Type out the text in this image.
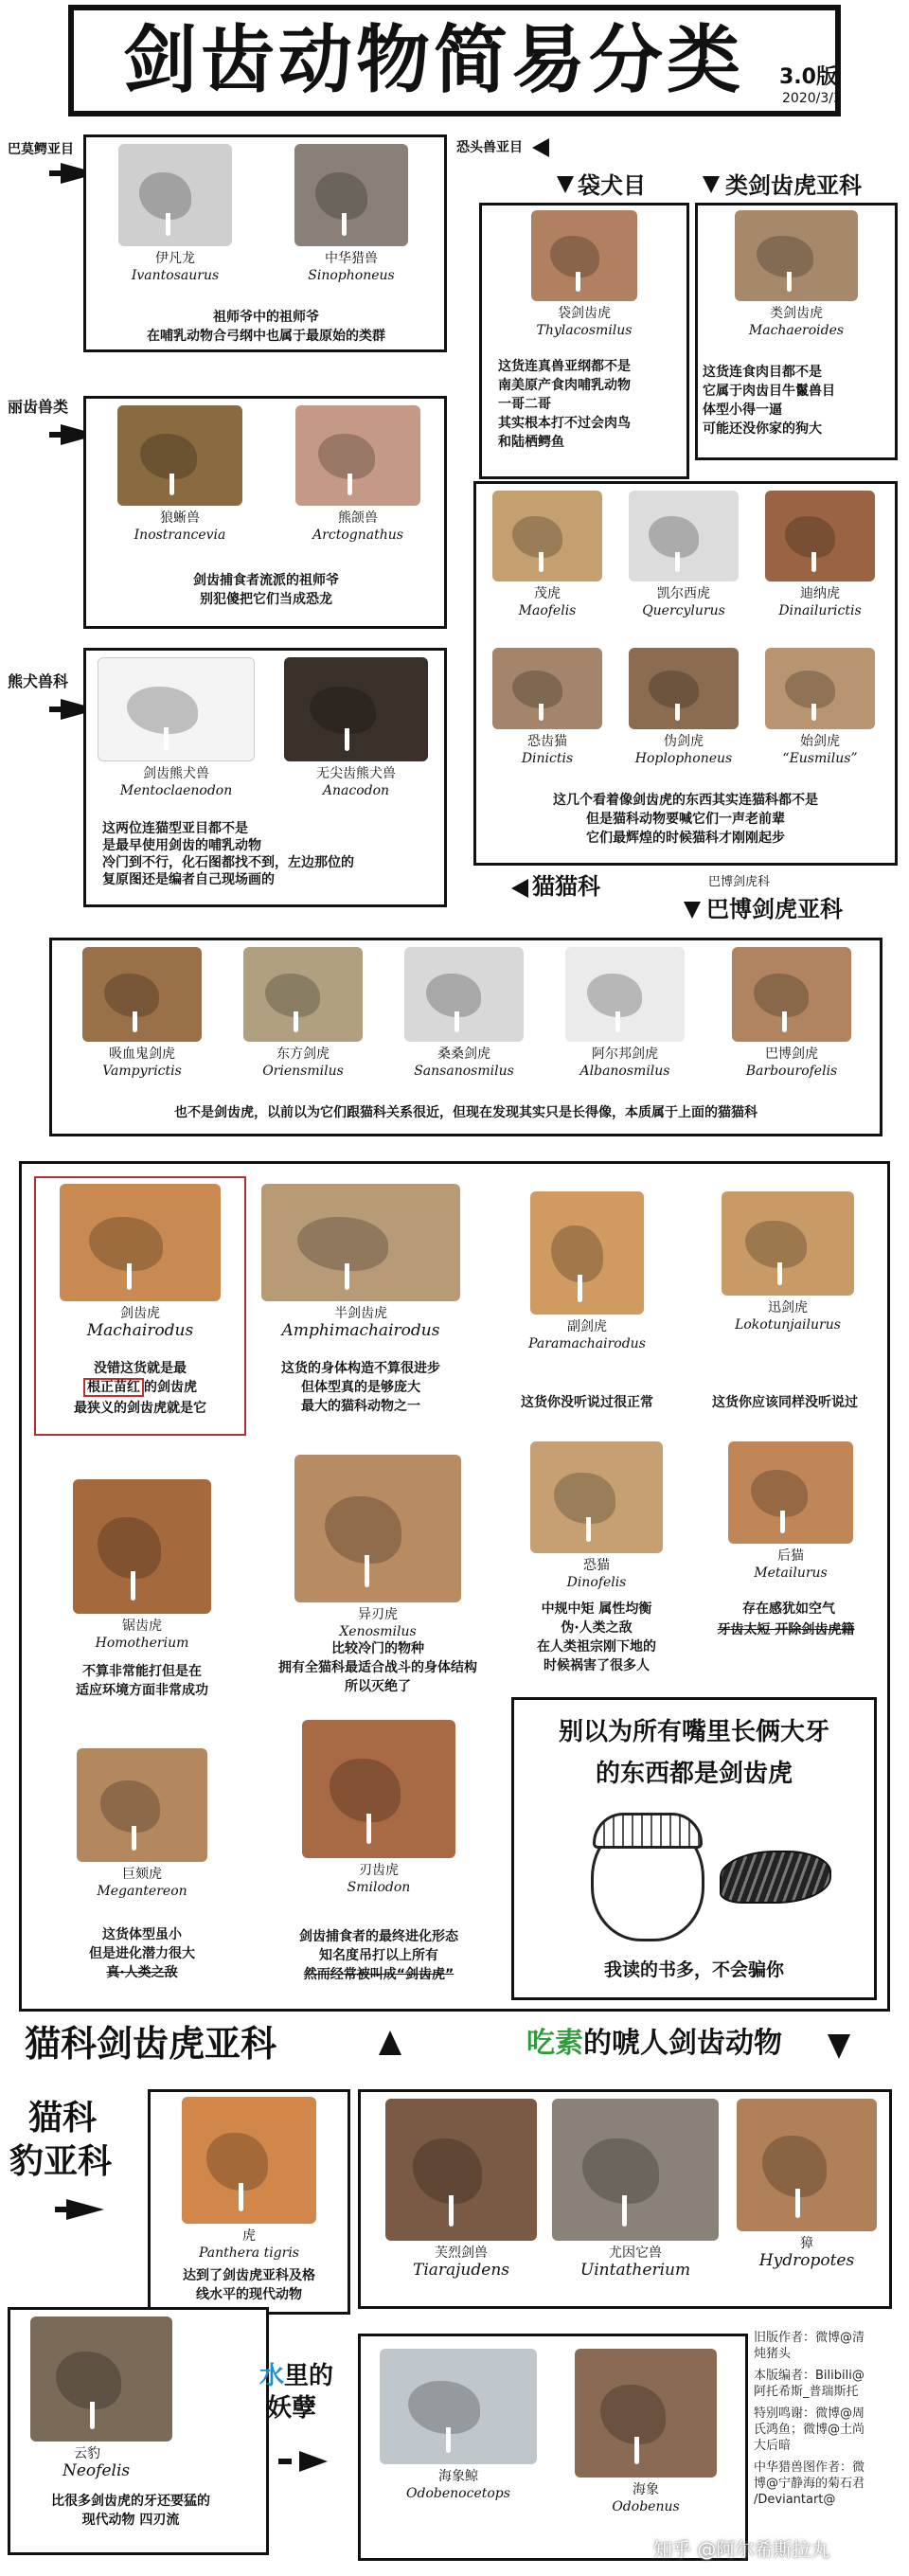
剑齿动物简易分类 3.0版
2020/3/3
巴莫鳄亚目	恐头兽亚目
伊凡龙
Ivantosaurus
中华猎兽
Sinophoneus
祖师爷中的祖师爷
在哺乳动物合弓纲中也属于最原始的类群
袋犬目
袋剑齿虎
Thylacosmilus
这货连真兽亚纲都不是
南美原产食肉哺乳动物
一哥二哥
其实根本打不过会肉鸟
和陆栖鳄鱼
类剑齿虎亚科
类剑齿虎
Machaeroides
这货连食肉目都不是
它属于肉齿目牛鬣兽目
体型小得一逼
可能还没你家的狗大
丽齿兽类
狼蜥兽
Inostrancevia
熊颌兽
Arctognathus
剑齿捕食者流派的祖师爷
别犯傻把它们当成恐龙	茂虎
Maofelis
凯尔西虎
Quercylurus
迪纳虎
Dinailurictis
恐齿猫
Dinictis
伪剑虎
Hoplophoneus
始剑虎
“Eusmilus”
这几个看着像剑齿虎的东西其实连猫科都不是
但是猫科动物要喊它们一声老前辈
它们最辉煌的时候猫科才刚刚起步
熊犬兽科
剑齿熊犬兽
Mentoclaenodon
无尖齿熊犬兽
Anacodon
这两位连猫型亚目都不是
是最早使用剑齿的哺乳动物
冷门到不行，化石图都找不到，左边那位的
复原图还是编者自己现场画的	猫猫科	巴博剑虎科
巴博剑虎亚科
吸血鬼剑虎
Vampyrictis
东方剑虎
Oriensmilus
桑桑剑虎
Sansanosmilus
阿尔邦剑虎
Albanosmilus
巴博剑虎
Barbourofelis
也不是剑齿虎，以前以为它们跟猫科关系很近，但现在发现其实只是长得像，本质属于上面的猫猫科
剑齿虎
Machairodus
没错这货就是最
根正苗红 的剑齿虎
最狭义的剑齿虎就是它
半剑齿虎
Amphimachairodus
这货的身体构造不算很进步
但体型真的是够庞大
最大的猫科动物之一
副剑虎
Paramachairodus
这货你没听说过很正常
迅剑虎
Lokotunjailurus
这货你应该同样没听说过
锯齿虎
Homotherium
不算非常能打但是在
适应环境方面非常成功
异刃虎
Xenosmilus
比较冷门的物种
拥有全猫科最适合战斗的身体结构
所以灭绝了
恐猫
Dinofelis
中规中矩 属性均衡
伪·人类之敌
在人类祖宗刚下地的
时候祸害了很多人
后猫
Metailurus
存在感犹如空气
牙齿太短 开除剑齿虎籍
巨颏虎
Megantereon
这货体型虽小
但是进化潜力很大
真·人类之敌
刃齿虎
Smilodon
剑齿捕食者的最终进化形态
知名度吊打以上所有
然而经常被叫成“剑齿虎”
别以为所有嘴里长俩大牙
的东西都是剑齿虎
我读的书多，不会骗你
猫科剑齿虎亚科	吃素的唬人剑齿动物
猫科
豹亚科
虎
Panthera tigris
达到了剑齿虎亚科及格
线水平的现代动物
云豹
Neofelis
比很多剑齿虎的牙还要猛的
现代动物 四刃流
芙烈剑兽
Tiarajudens
尤因它兽
Uintatherium
獐
Hydropotes
水里的
妖孽
海象鲸
Odobenocetops	海象
Odobenus
旧版作者：微博@清
炖猪头
本版编者：Bilibili@
阿托希斯_普瑞斯托
特别鸣谢：微博@周
氏鸿鱼；微博@土尚
大后暗
中华猎兽图作者：微
博@宁静海的菊石君
/Deviantart@
知乎 @阿尔希斯拉丸
